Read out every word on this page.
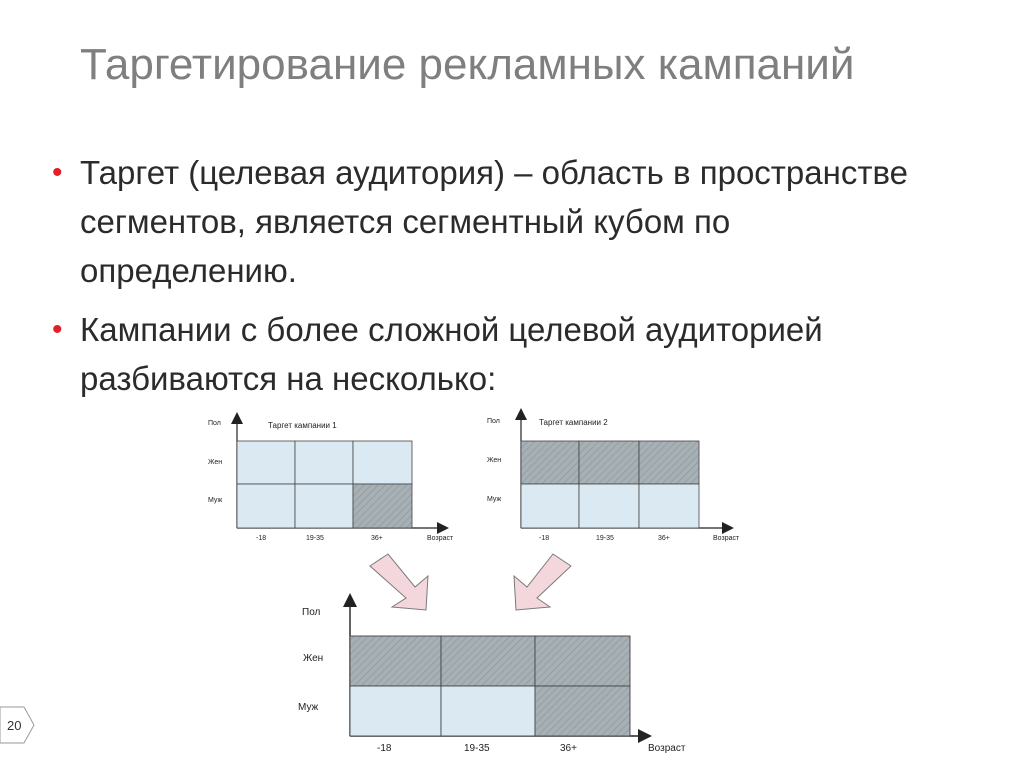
Таргетирование рекламных кампаний
• Таргет (целевая аудитория) – область в пространстве сегментов, является сегментный кубом по определению.
• Кампании с более сложной целевой аудиторией разбиваются на несколько:
Пол	Таргет кампании 1
Жен
Муж
-18	19-35	36+	Возраст
Пол	Таргет кампании 2
Жен
Муж
-18	19-35	36+	Возраст
Пол
Жен
Муж
-18	19-35	36+	Возраст
20
